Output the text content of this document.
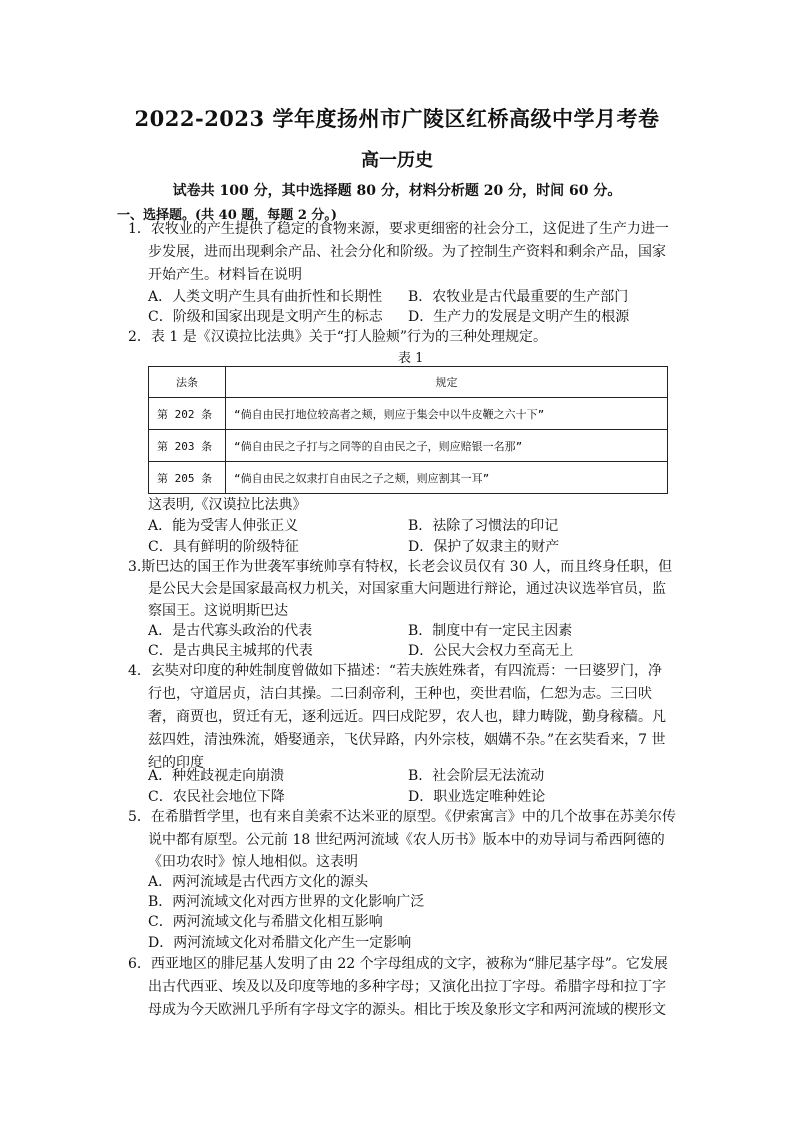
2022-2023 学年度扬州市广陵区红桥高级中学月考卷
高一历史
试卷共 100 分，其中选择题 80 分，材料分析题 20 分，时间 60 分。
一、选择题。(共 40 题，每题 2 分。)
1．农牧业的产生提供了稳定的食物来源，要求更细密的社会分工，这促进了生产力进一
步发展，进而出现剩余产品、社会分化和阶级。为了控制生产资料和剩余产品，国家
开始产生。材料旨在说明
A．人类文明产生具有曲折性和长期性 B．农牧业是古代最重要的生产部门
C．阶级和国家出现是文明产生的标志 D．生产力的发展是文明产生的根源
2．表 1 是《汉谟拉比法典》关于“打人脸颊”行为的三种处理规定。
表 1
法条	规定
第 202 条	“倘自由民打地位较高者之颊，则应于集会中以牛皮鞭之六十下”
第 203 条	“倘自由民之子打与之同等的自由民之子，则应赔银一名那”
第 205 条	“倘自由民之奴隶打自由民之子之颊，则应割其一耳”
这表明,《汉谟拉比法典》
A．能为受害人伸张正义	B．祛除了习惯法的印记
C．具有鲜明的阶级特征	D．保护了奴隶主的财产
3.斯巴达的国王作为世袭军事统帅享有特权，长老会议员仅有 30 人，而且终身任职，但
是公民大会是国家最高权力机关，对国家重大问题进行辩论，通过决议选举官员，监
察国王。这说明斯巴达
A．是古代寡头政治的代表	B．制度中有一定民主因素
C．是古典民主城邦的代表	D．公民大会权力至高无上
4．玄奘对印度的种姓制度曾做如下描述：“若夫族姓殊者，有四流焉：一曰婆罗门，净
行也，守道居贞，洁白其操。二曰刹帝利，王种也，奕世君临，仁恕为志。三曰吠
奢，商贾也，贸迁有无，逐利远近。四曰戍陀罗，农人也，肆力畴陇，勤身稼穑。凡
兹四姓，清浊殊流，婚娶通亲，飞伏异路，内外宗枝，姻媾不杂。”在玄奘看来，7 世
纪的印度
A．种姓歧视走向崩溃	B．社会阶层无法流动
C．农民社会地位下降	D．职业选定唯种姓论
5．在希腊哲学里，也有来自美索不达米亚的原型。《伊索寓言》中的几个故事在苏美尔传
说中都有原型。公元前 18 世纪两河流域《农人历书》版本中的劝导词与希西阿德的
《田功农时》惊人地相似。这表明
A．两河流域是古代西方文化的源头
B．两河流域文化对西方世界的文化影响广泛
C．两河流域文化与希腊文化相互影响
D．两河流域文化对希腊文化产生一定影响
6．西亚地区的腓尼基人发明了由 22 个字母组成的文字，被称为“腓尼基字母”。它发展
出古代西亚、埃及以及印度等地的多种字母；又演化出拉丁字母。希腊字母和拉丁字
母成为今天欧洲几乎所有字母文字的源头。相比于埃及象形文字和两河流域的楔形文
